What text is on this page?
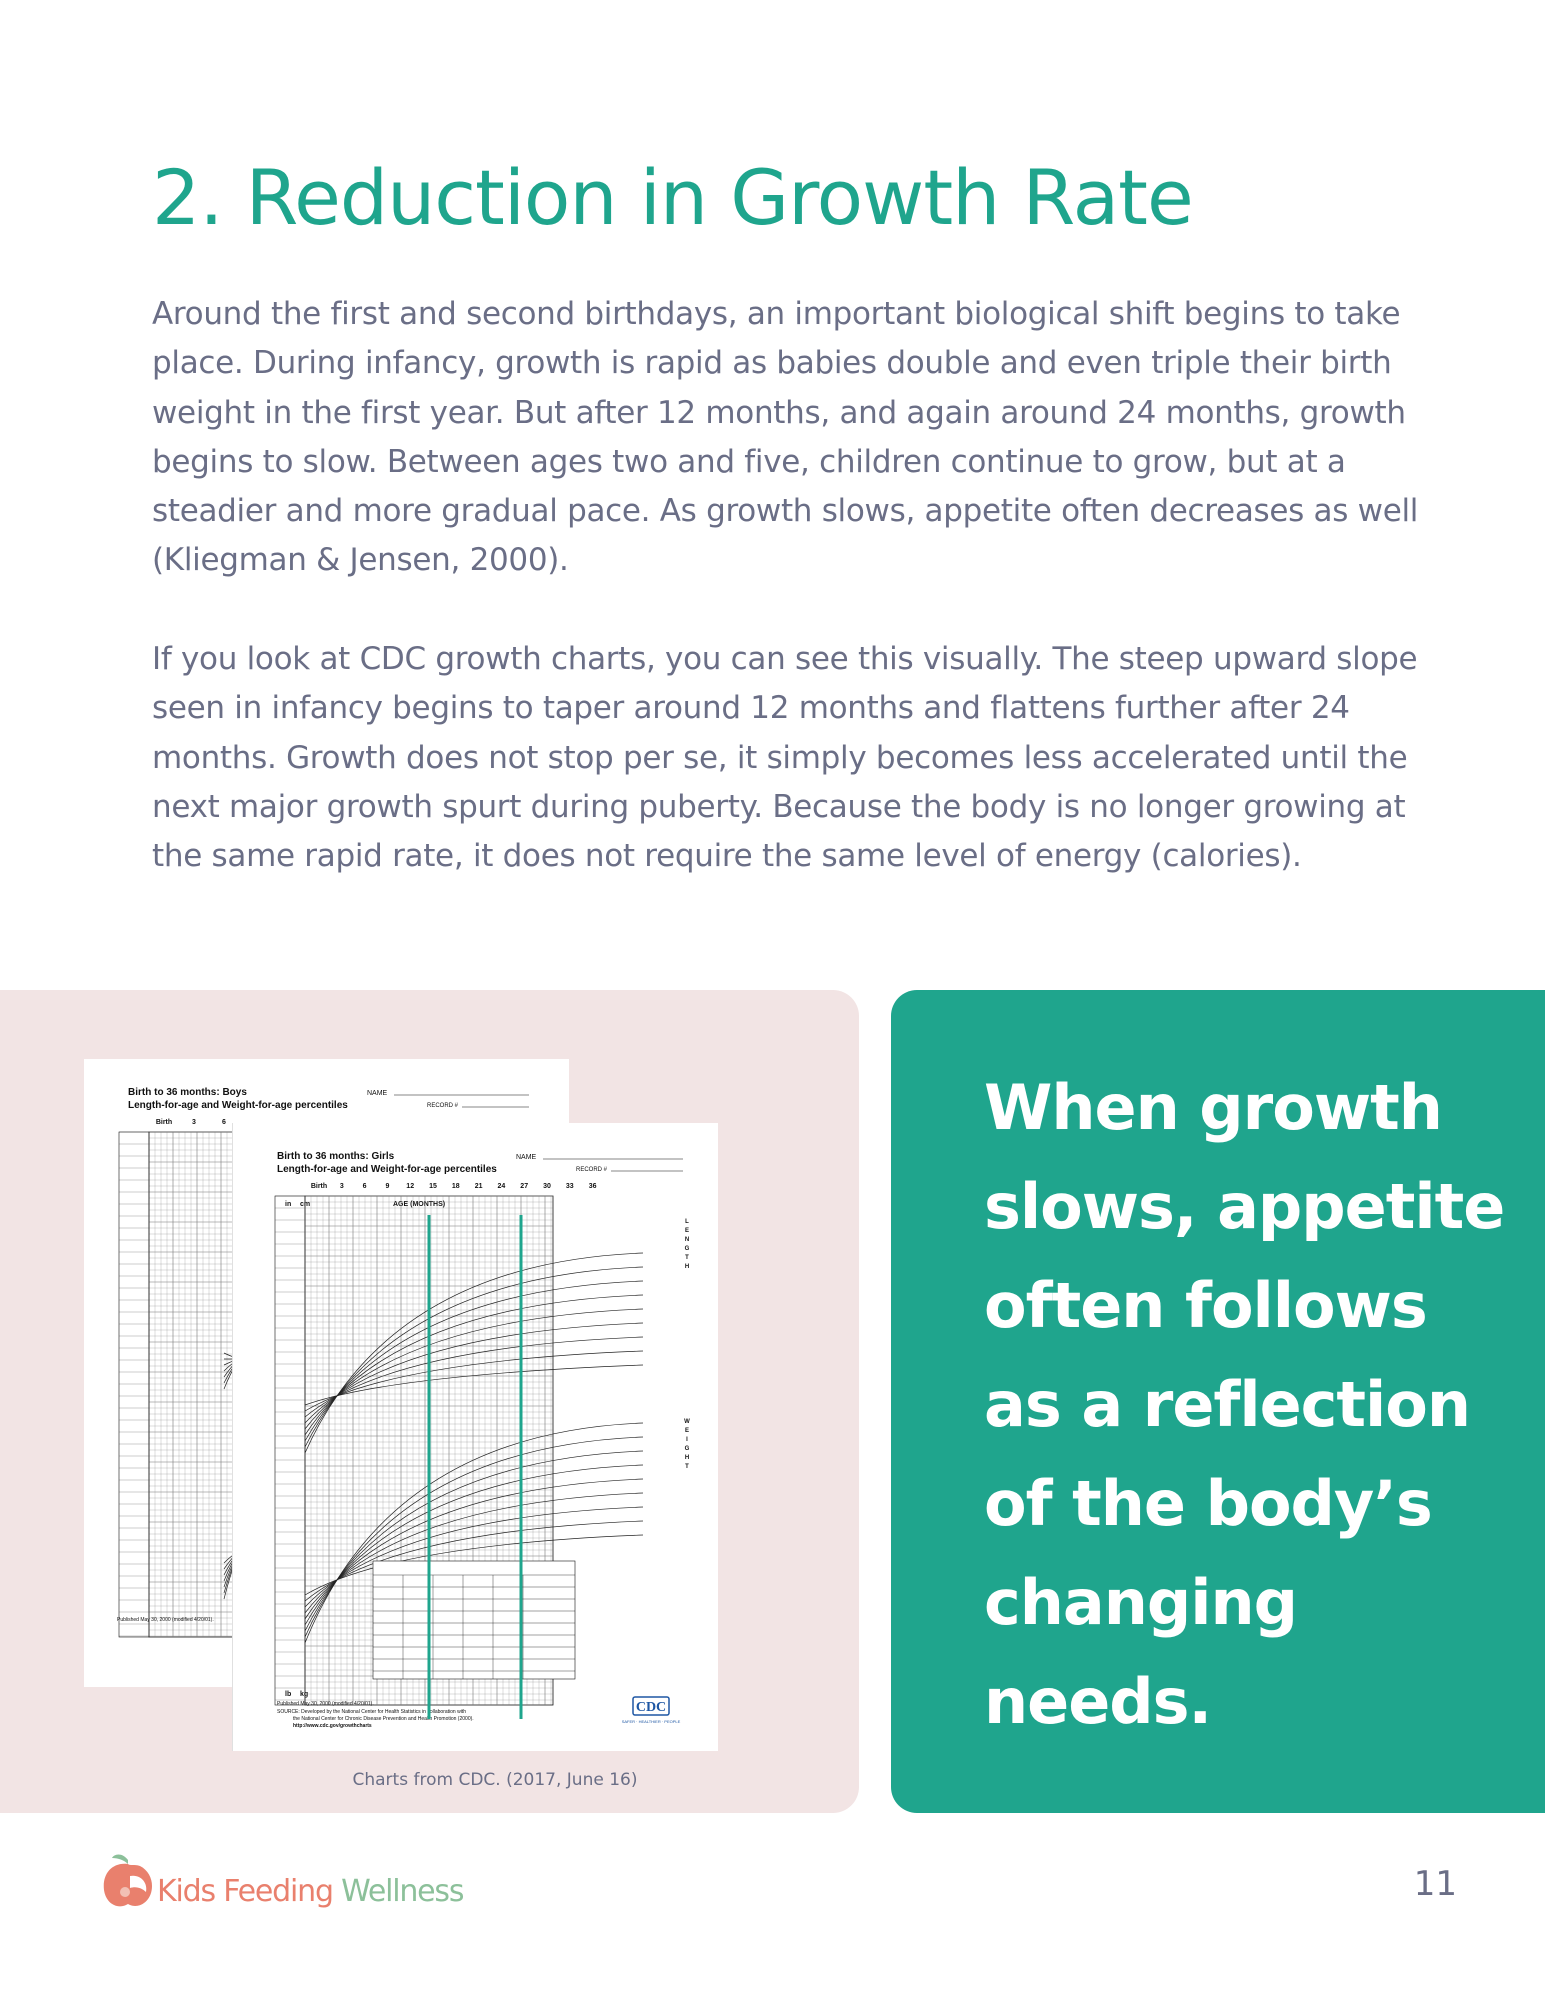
2. Reduction in Growth Rate

Around the first and second birthdays, an important biological shift begins to take place. During infancy, growth is rapid as babies double and even triple their birth weight in the first year. But after 12 months, and again around 24 months, growth begins to slow. Between ages two and five, children continue to grow, but at a steadier and more gradual pace. As growth slows, appetite often decreases as well (Kliegman & Jensen, 2000).

If you look at CDC growth charts, you can see this visually. The steep upward slope seen in infancy begins to taper around 12 months and flattens further after 24 months. Growth does not stop per se, it simply becomes less accelerated until the next major growth spurt during puberty. Because the body is no longer growing at the same rapid rate, it does not require the same level of energy (calories).

Birth to 36 months: Boys
Length-for-age and Weight-for-age percentiles
NAME
RECORD #
Birth	3	6
Published May 30, 2000 (modified 4/20/01).
Birth to 36 months: Girls
Length-for-age and Weight-for-age percentiles
NAME
RECORD #
Birth 3	6	9 12 15 18 21 24 27 30 33 36
AGE (MONTHS)
in cm
lb kg
L
E
N
G
T
H
W
E
I
G
H
T
Published May 30, 2000 (modified 4/20/01).
SOURCE: Developed by the National Center for Health Statistics in collaboration with
the National Center for Chronic Disease Prevention and Health Promotion (2000).
http://www.cdc.gov/growthcharts
CDC
SAFER · HEALTHIER · PEOPLE
Charts from CDC. (2017, June 16)

When growth slows, appetite often follows as a reflection of the body’s changing needs.

Kids Feeding Wellness	11
